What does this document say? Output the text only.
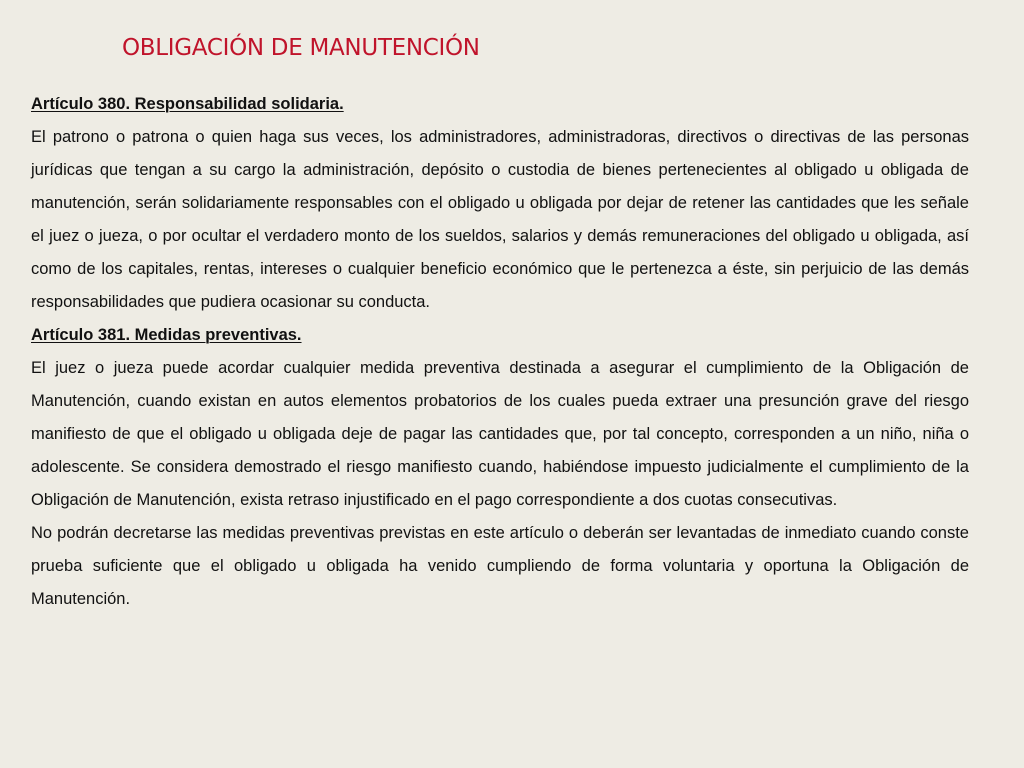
OBLIGACIÓN DE MANUTENCIÓN

Artículo 380. Responsabilidad solidaria.

El patrono o patrona o quien haga sus veces, los administradores, administradoras, directivos o directivas de las personas jurídicas que tengan a su cargo la administración, depósito o custodia de bienes pertenecientes al obligado u obligada de manutención, serán solidariamente responsables con el obligado u obligada por dejar de retener las cantidades que les señale el juez o jueza, o por ocultar el verdadero monto de los sueldos, salarios y demás remuneraciones del obligado u obligada, así como de los capitales, rentas, intereses o cualquier beneficio económico que le pertenezca a éste, sin perjuicio de las demás responsabilidades que pudiera ocasionar su conducta.

Artículo 381. Medidas preventivas.

El juez o jueza puede acordar cualquier medida preventiva destinada a asegurar el cumplimiento de la Obligación de Manutención, cuando existan en autos elementos probatorios de los cuales pueda extraer una presunción grave del riesgo manifiesto de que el obligado u obligada deje de pagar las cantidades que, por tal concepto, corresponden a un niño, niña o adolescente. Se considera demostrado el riesgo manifiesto cuando, habiéndose impuesto judicialmente el cumplimiento de la Obligación de Manutención, exista retraso injustificado en el pago correspondiente a dos cuotas consecutivas.

No podrán decretarse las medidas preventivas previstas en este artículo o deberán ser levantadas de inmediato cuando conste prueba suficiente que el obligado u obligada ha venido cumpliendo de forma voluntaria y oportuna la Obligación de Manutención.
